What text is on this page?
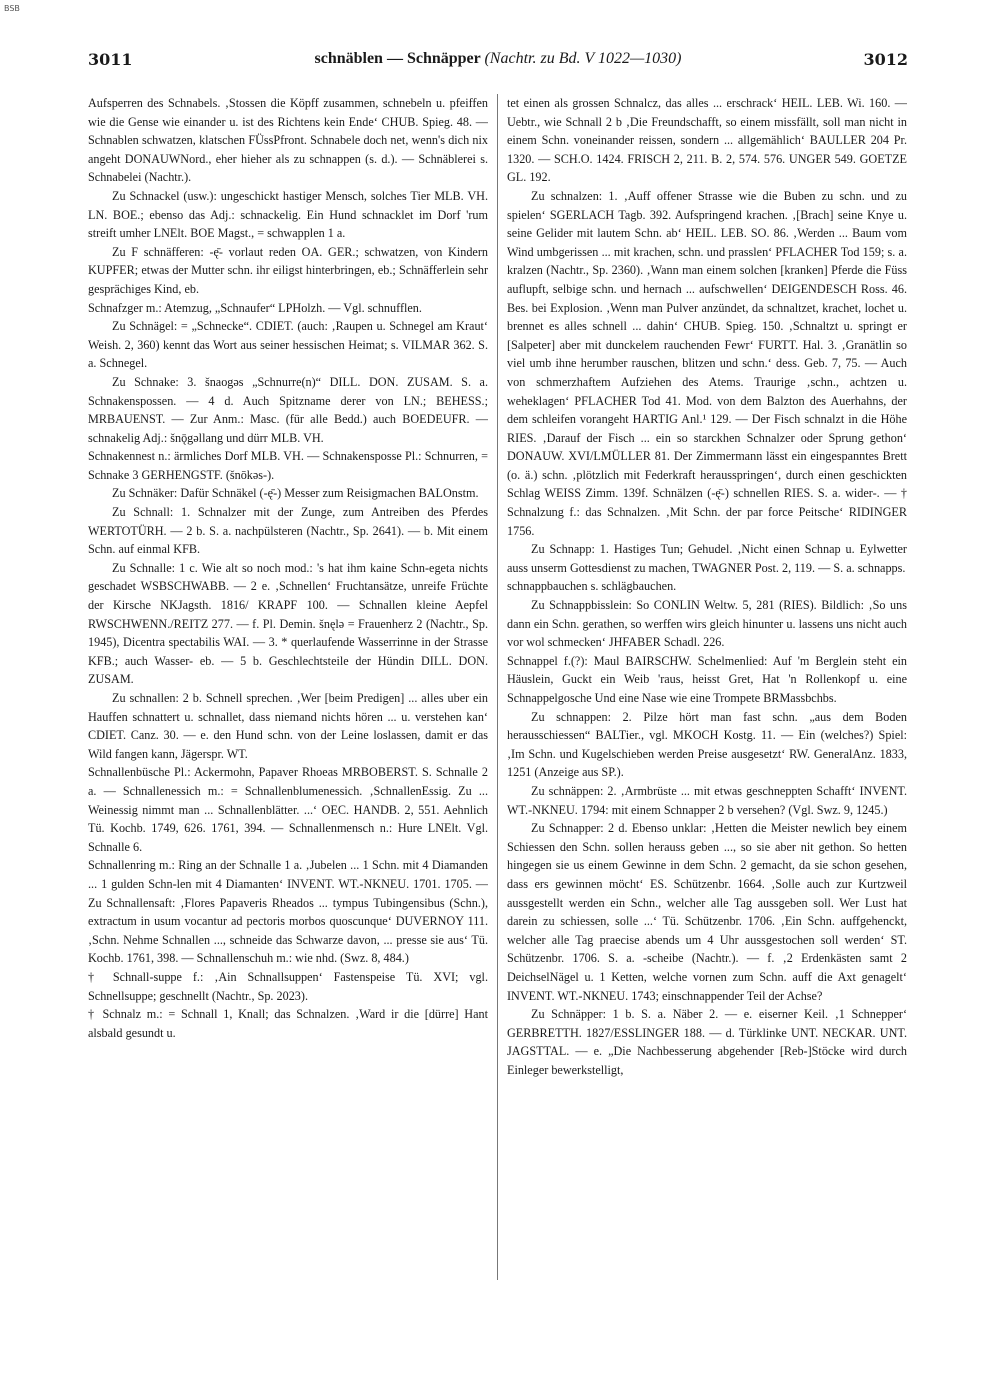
BSB
3011	schnäblen — Schnäpper (Nachtr. zu Bd. V 1022—1030)	3012

Aufsperren des Schnabels. ‚Stossen die Köpff zusammen, schnebeln u. pfeiffen wie die Gense wie einander u. ist des Richtens kein Ende‘ CHUB. Spieg. 48. — Schnablen schwatzen, klatschen FÜssPfront. Schnabele doch net, wenn's dich nix angeht DONAUWNord., eher hieher als zu schnappen (s. d.). — Schnäblerei s. Schnabelei (Nachtr.).

Zu Schnackel (usw.): ungeschickt hastiger Mensch, solches Tier MLB. VH. LN. BOE.; ebenso das Adj.: schnackelig. Ein Hund schnacklet im Dorf 'rum streift umher LNElt. BOE Magst., = schwapplen 1 a.

Zu F schnäfferen: -ę̄- vorlaut reden OA. GER.; schwatzen, von Kindern KUPFER; etwas der Mutter schn. ihr eiligst hinterbringen, eb.; Schnäfferlein sehr gesprächiges Kind, eb.

Schnafzger m.: Atemzug, „Schnaufer“ LPHolzh. — Vgl. schnufflen.

Zu Schnägel: = „Schnecke“. CDIET. (auch: ‚Raupen u. Schnegel am Kraut‘ Weish. 2, 360) kennt das Wort aus seiner hessischen Heimat; s. VILMAR 362. S. a. Schnegel.

Zu Schnake: 3. šnaogəs „Schnurre(n)“ DILL. DON. ZUSAM. S. a. Schnakenspossen. — 4 d. Auch Spitzname derer von LN.; BEHESS.; MRBAUENST. — Zur Anm.: Masc. (für alle Bedd.) auch BOEDEUFR. — schnakelig Adj.: šnǭgəllang und dürr MLB. VH.

Schnakennest n.: ärmliches Dorf MLB. VH. — Schnakensposse Pl.: Schnurren, = Schnake 3 GERHENGSTF. (šnōkəs-).

Zu Schnäker: Dafür Schnäkel (-ę̄-) Messer zum Reisigmachen BALOnstm.

Zu Schnall: 1. Schnalzer mit der Zunge, zum Antreiben des Pferdes WERTOTÜRH. — 2 b. S. a. nachpülsteren (Nachtr., Sp. 2641). — b. Mit einem Schn. auf einmal KFB.

Zu Schnalle: 1 c. Wie alt so noch mod.: 's hat ihm kaine Schn-egeta nichts geschadet WSBSCHWABB. — 2 e. ‚Schnellen‘ Fruchtansätze, unreife Früchte der Kirsche NKJagsth. 1816/ KRAPF 100. — Schnallen kleine Aepfel RWSCHWENN./REITZ 277. — f. Pl. Demin. šnęlə = Frauenherz 2 (Nachtr., Sp. 1945), Dicentra spectabilis WAI. — 3. * querlaufende Wasserrinne in der Strasse KFB.; auch Wasser- eb. — 5 b. Geschlechtsteile der Hündin DILL. DON. ZUSAM.

Zu schnallen: 2 b. Schnell sprechen. ‚Wer [beim Predigen] ... alles uber ein Hauffen schnattert u. schnallet, dass niemand nichts hören ... u. verstehen kan‘ CDIET. Canz. 30. — e. den Hund schn. von der Leine loslassen, damit er das Wild fangen kann, Jägerspr. WT.

Schnallenbüsche Pl.: Ackermohn, Papaver Rhoeas MRBOBERST. S. Schnalle 2 a. — Schnallenessich m.: = Schnallenblumenessich. ‚SchnallenEssig. Zu ... Weinessig nimmt man ... Schnallenblätter. ...‘ OEC. HANDB. 2, 551. Aehnlich Tü. Kochb. 1749, 626. 1761, 394. — Schnallenmensch n.: Hure LNElt. Vgl. Schnalle 6.

Schnallenring m.: Ring an der Schnalle 1 a. ‚Jubelen ... 1 Schn. mit 4 Diamanden ... 1 gulden Schn-len mit 4 Diamanten‘ INVENT. WT.-NKNEU. 1701. 1705. — Zu Schnallensaft: ‚Flores Papaveris Rheados ... tympus Tubingensibus (Schn.), extractum in usum vocantur ad pectoris morbos quoscunque‘ DUVERNOY 111. ‚Schn. Nehme Schnallen ..., schneide das Schwarze davon, ... presse sie aus‘ Tü. Kochb. 1761, 398. — Schnallenschuh m.: wie nhd. (Swz. 8, 484.)

† Schnall-suppe f.: ‚Ain Schnallsuppen‘ Fastenspeise Tü. XVI; vgl. Schnellsuppe; geschnellt (Nachtr., Sp. 2023).

† Schnalz m.: = Schnall 1, Knall; das Schnalzen. ‚Ward ir die [dürre] Hant alsbald gesundt u.

tet einen als grossen Schnalcz, das alles ... erschrack‘ HEIL. LEB. Wi. 160. — Uebtr., wie Schnall 2 b ‚Die Freundschafft, so einem missfällt, soll man nicht in einem Schn. voneinander reissen, sondern ... allgemählich‘ BAULLER 204 Pr. 1320. — SCH.O. 1424. FRISCH 2, 211. B. 2, 574. 576. UNGER 549. GOETZE GL. 192.

Zu schnalzen: 1. ‚Auff offener Strasse wie die Buben zu schn. und zu spielen‘ SGERLACH Tagb. 392. Aufspringend krachen. ‚[Brach] seine Knye u. seine Gelider mit lautem Schn. ab‘ HEIL. LEB. SO. 86. ‚Werden ... Baum vom Wind umbgerissen ... mit krachen, schn. und prasslen‘ PFLACHER Tod 159; s. a. kralzen (Nachtr., Sp. 2360). ‚Wann man einem solchen [kranken] Pferde die Füss auflupft, selbige schn. und hernach ... aufschwellen‘ DEIGENDESCH Ross. 46. Bes. bei Explosion. ‚Wenn man Pulver anzündet, da schnaltzet, krachet, lochet u. brennet es alles schnell ... dahin‘ CHUB. Spieg. 150. ‚Schnaltzt u. springt er [Salpeter] aber mit dunckelem rauchenden Fewr‘ FURTT. Hal. 3. ‚Granätlin so viel umb ihne herumber rauschen, blitzen und schn.‘ dess. Geb. 7, 75. — Auch von schmerzhaftem Aufziehen des Atems. Traurige ‚schn., achtzen u. weheklagen‘ PFLACHER Tod 41. Mod. von dem Balzton des Auerhahns, der dem schleifen vorangeht HARTIG Anl.¹ 129. — Der Fisch schnalzt in die Höhe RIES. ‚Darauf der Fisch ... ein so starckhen Schnalzer oder Sprung gethon‘ DONAUW. XVI/LMÜLLER 81. Der Zimmermann lässt ein eingespanntes Brett (o. ä.) schn. ‚plötzlich mit Federkraft herausspringen‘, durch einen geschickten Schlag WEISS Zimm. 139f. Schnälzen (-ę̄-) schnellen RIES. S. a. wider-. — † Schnalzung f.: das Schnalzen. ‚Mit Schn. der par force Peitsche‘ RIDINGER 1756.

Zu Schnapp: 1. Hastiges Tun; Gehudel. ‚Nicht einen Schnap u. Eylwetter auss unserm Gottesdienst zu machen, TWAGNER Post. 2, 119. — S. a. schnapps.

schnappbauchen s. schlägbauchen.

Zu Schnappbisslein: So CONLIN Weltw. 5, 281 (RIES). Bildlich: ‚So uns dann ein Schn. gerathen, so werffen wirs gleich hinunter u. lassens uns nicht auch vor wol schmecken‘ JHFABER Schadl. 226.

Schnappel f.(?): Maul BAIRSCHW. Schelmenlied: Auf 'm Berglein steht ein Häuslein, Guckt ein Weib 'raus, heisst Gret, Hat 'n Rollenkopf u. eine Schnappelgosche Und eine Nase wie eine Trompete BRMassbchbs.

Zu schnappen: 2. Pilze hört man fast schn. „aus dem Boden herausschiessen“ BALTier., vgl. MKOCH Kostg. 11. — Ein (welches?) Spiel: ‚Im Schn. und Kugelschieben werden Preise ausgesetzt‘ RW. GeneralAnz. 1833, 1251 (Anzeige aus SP.).

Zu schnäppen: 2. ‚Armbrüste ... mit etwas geschneppten Schafft‘ INVENT. WT.-NKNEU. 1794: mit einem Schnapper 2 b versehen? (Vgl. Swz. 9, 1245.)

Zu Schnapper: 2 d. Ebenso unklar: ‚Hetten die Meister newlich bey einem Schiessen den Schn. sollen herauss geben ..., so sie aber nit gethon. So hetten hingegen sie us einem Gewinne in dem Schn. 2 gemacht, da sie schon gesehen, dass ers gewinnen möcht‘ ES. Schützenbr. 1664. ‚Solle auch zur Kurtzweil aussgestellt werden ein Schn., welcher alle Tag aussgeben soll. Wer Lust hat darein zu schiessen, solle ...‘ Tü. Schützenbr. 1706. ‚Ein Schn. auffgehenckt, welcher alle Tag praecise abends um 4 Uhr aussgestochen soll werden‘ ST. Schützenbr. 1706. S. a. -scheibe (Nachtr.). — f. ‚2 Erdenkästen samt 2 DeichselNägel u. 1 Ketten, welche vornen zum Schn. auff die Axt genagelt‘ INVENT. WT.-NKNEU. 1743; einschnappender Teil der Achse?

Zu Schnäpper: 1 b. S. a. Näber 2. — e. eiserner Keil. ‚1 Schnepper‘ GERBRETTH. 1827/ESSLINGER 188. — d. Türklinke UNT. NECKAR. UNT. JAGSTTAL. — e. „Die Nachbesserung abgehender [Reb-]Stöcke wird durch Einleger bewerkstelligt,
